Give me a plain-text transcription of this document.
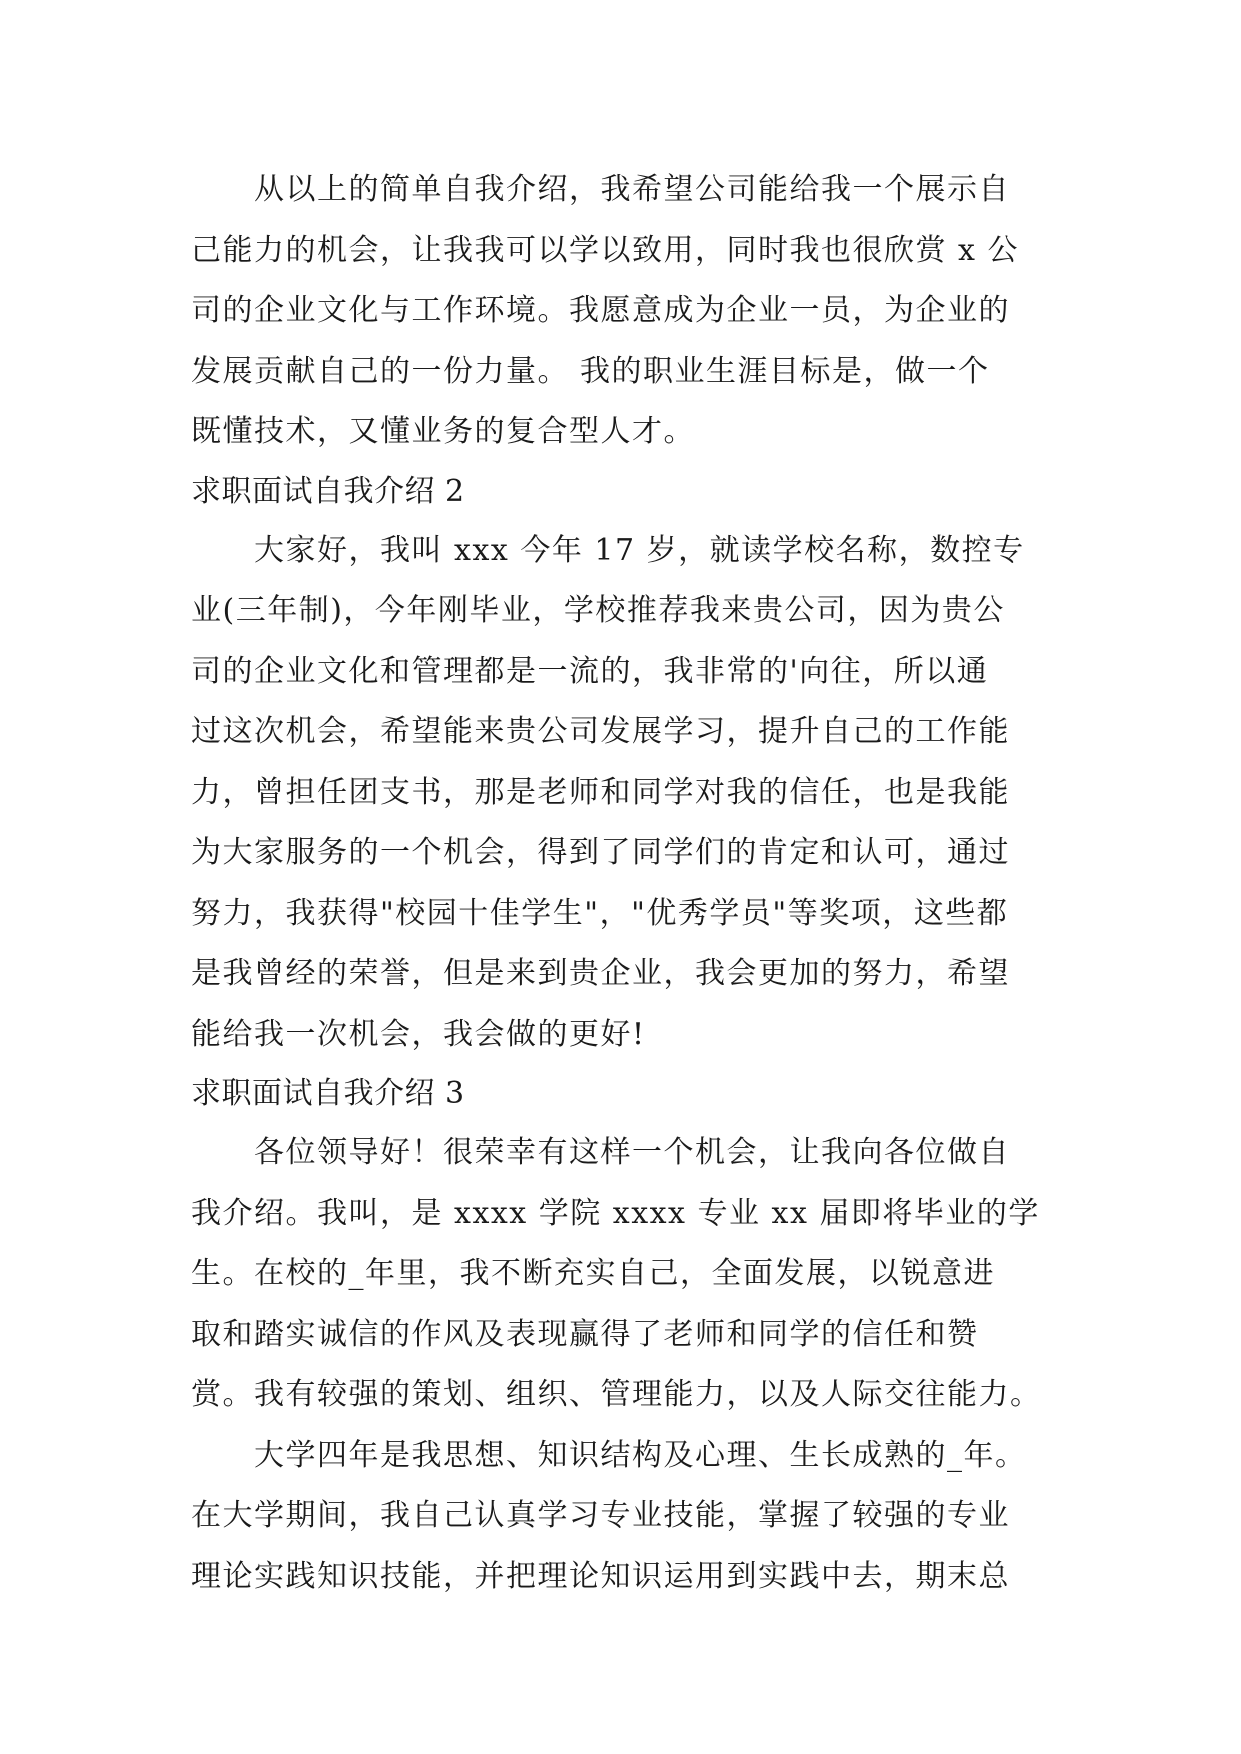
　　从以上的简单自我介绍，我希望公司能给我一个展示自
己能力的机会，让我我可以学以致用，同时我也很欣赏 x 公
司的企业文化与工作环境。我愿意成为企业一员，为企业的
发展贡献自己的一份力量。 我的职业生涯目标是，做一个
既懂技术，又懂业务的复合型人才。
求职面试自我介绍 2
　　大家好，我叫 xxx 今年 17 岁，就读学校名称，数控专
业(三年制)，今年刚毕业，学校推荐我来贵公司，因为贵公
司的企业文化和管理都是一流的，我非常的'向往，所以通
过这次机会，希望能来贵公司发展学习，提升自己的工作能
力，曾担任团支书，那是老师和同学对我的信任，也是我能
为大家服务的一个机会，得到了同学们的肯定和认可，通过
努力，我获得"校园十佳学生"，"优秀学员"等奖项，这些都
是我曾经的荣誉，但是来到贵企业，我会更加的努力，希望
能给我一次机会，我会做的更好!
求职面试自我介绍 3
　　各位领导好！很荣幸有这样一个机会，让我向各位做自
我介绍。我叫，是 xxxx 学院 xxxx 专业 xx 届即将毕业的学
生。在校的_年里，我不断充实自己，全面发展，以锐意进
取和踏实诚信的作风及表现赢得了老师和同学的信任和赞
赏。我有较强的策划、组织、管理能力，以及人际交往能力。
　　大学四年是我思想、知识结构及心理、生长成熟的_年。
在大学期间，我自己认真学习专业技能，掌握了较强的专业
理论实践知识技能，并把理论知识运用到实践中去，期末总
